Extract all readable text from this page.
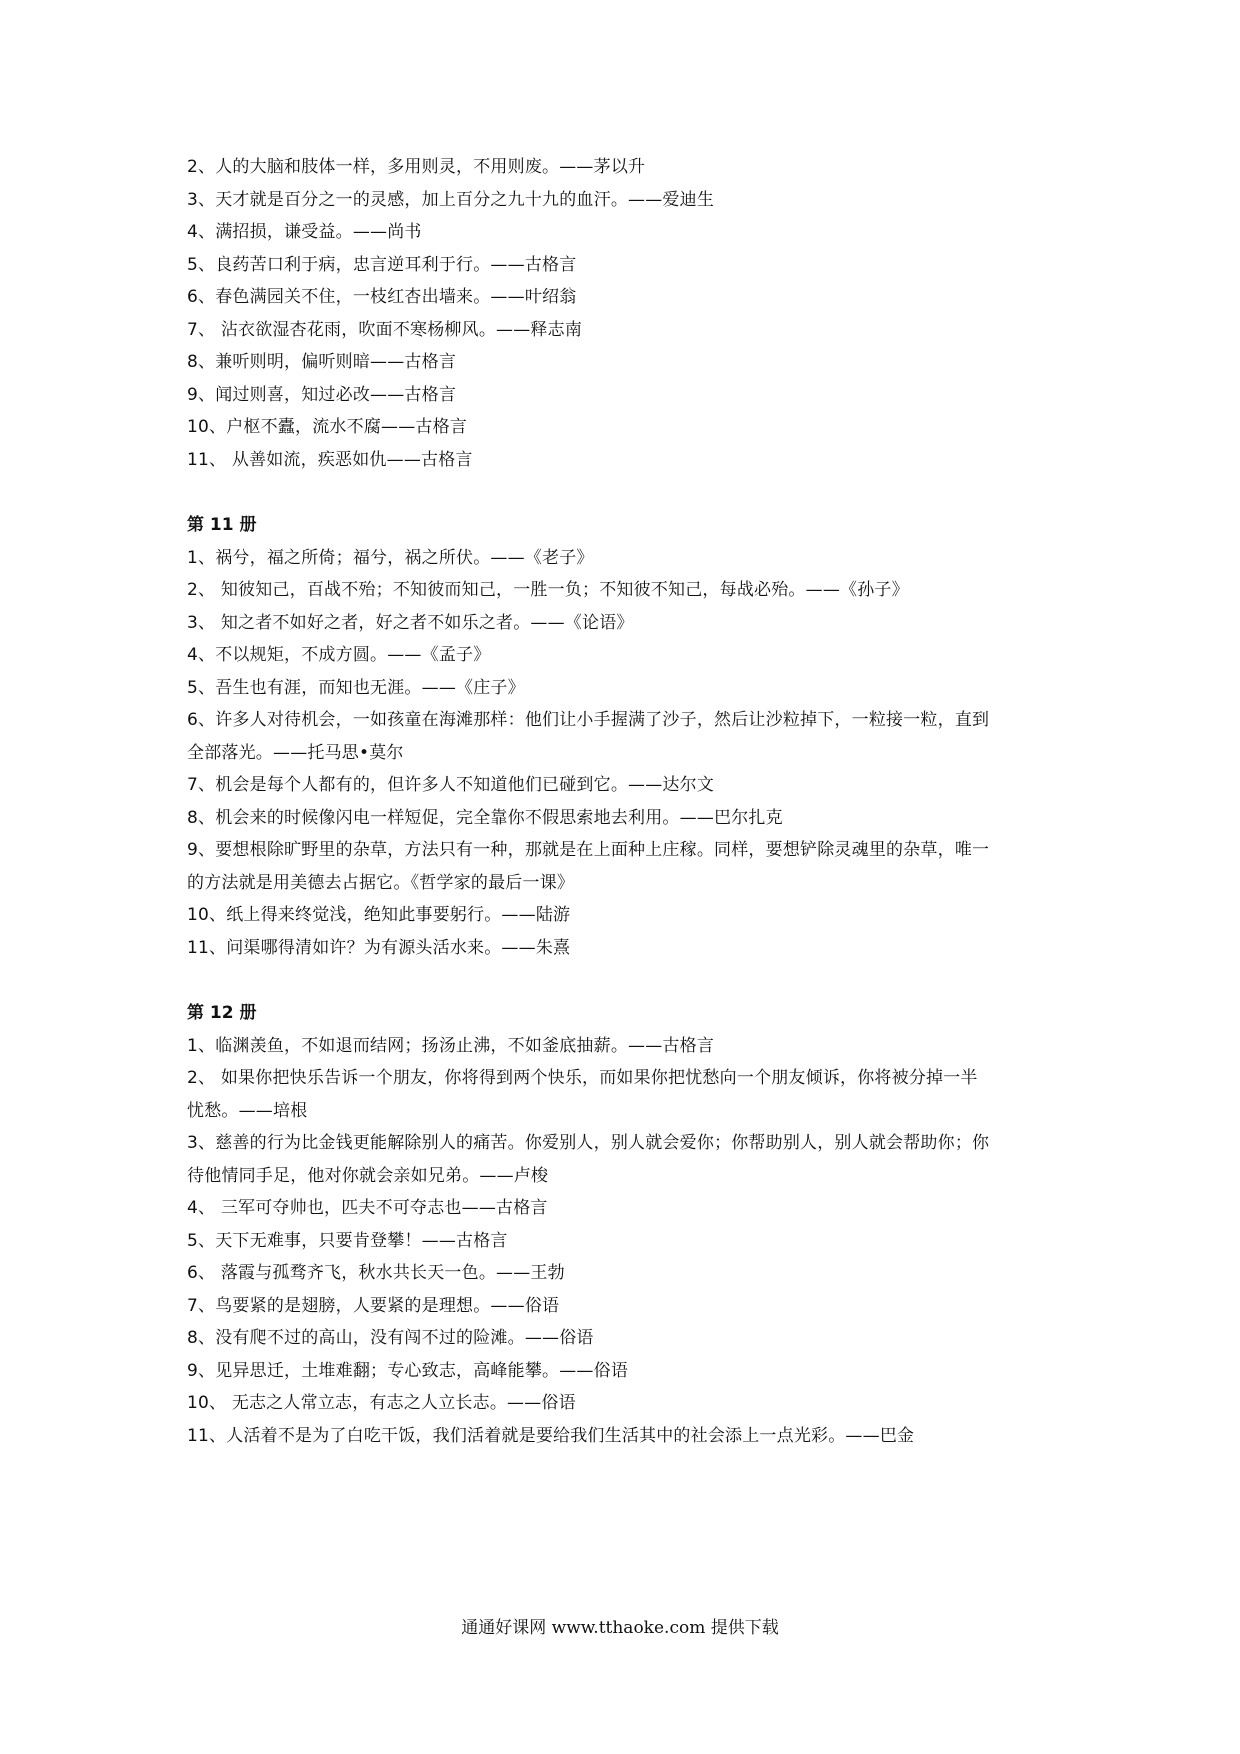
2、人的大脑和肢体一样，多用则灵，不用则废。——茅以升
3、天才就是百分之一的灵感，加上百分之九十九的血汗。——爱迪生
4、满招损，谦受益。——尚书
5、良药苦口利于病，忠言逆耳利于行。——古格言
6、春色满园关不住，一枝红杏出墙来。——叶绍翁
7、 沾衣欲湿杏花雨，吹面不寒杨柳风。——释志南
8、兼听则明，偏听则暗——古格言
9、闻过则喜，知过必改——古格言
10、户枢不蠹，流水不腐——古格言
11、 从善如流，疾恶如仇——古格言
第 11 册
1、祸兮，福之所倚；福兮，祸之所伏。——《老子》
2、 知彼知己，百战不殆；不知彼而知己，一胜一负；不知彼不知己，每战必殆。——《孙子》
3、 知之者不如好之者，好之者不如乐之者。——《论语》
4、不以规矩，不成方圆。——《孟子》
5、吾生也有涯，而知也无涯。——《庄子》
6、许多人对待机会，一如孩童在海滩那样：他们让小手握满了沙子，然后让沙粒掉下，一粒接一粒，直到
全部落光。——托马思•莫尔
7、机会是每个人都有的，但许多人不知道他们已碰到它。——达尔文
8、机会来的时候像闪电一样短促，完全靠你不假思索地去利用。——巴尔扎克
9、要想根除旷野里的杂草，方法只有一种，那就是在上面种上庄稼。同样，要想铲除灵魂里的杂草，唯一
的方法就是用美德去占据它。《哲学家的最后一课》
10、纸上得来终觉浅，绝知此事要躬行。——陆游
11、问渠哪得清如许？为有源头活水来。——朱熹
第 12 册
1、临渊羡鱼，不如退而结网；扬汤止沸，不如釜底抽薪。——古格言
2、 如果你把快乐告诉一个朋友，你将得到两个快乐，而如果你把忧愁向一个朋友倾诉，你将被分掉一半
忧愁。——培根
3、慈善的行为比金钱更能解除别人的痛苦。你爱别人，别人就会爱你；你帮助别人，别人就会帮助你；你
待他情同手足，他对你就会亲如兄弟。——卢梭
4、 三军可夺帅也，匹夫不可夺志也——古格言
5、天下无难事，只要肯登攀！——古格言
6、 落霞与孤骛齐飞，秋水共长天一色。——王勃
7、鸟要紧的是翅膀，人要紧的是理想。——俗语
8、没有爬不过的高山，没有闯不过的险滩。——俗语
9、见异思迁，土堆难翻；专心致志，高峰能攀。——俗语
10、 无志之人常立志，有志之人立长志。——俗语
11、人活着不是为了白吃干饭，我们活着就是要给我们生活其中的社会添上一点光彩。——巴金
通通好课网 www.tthaoke.com 提供下载
